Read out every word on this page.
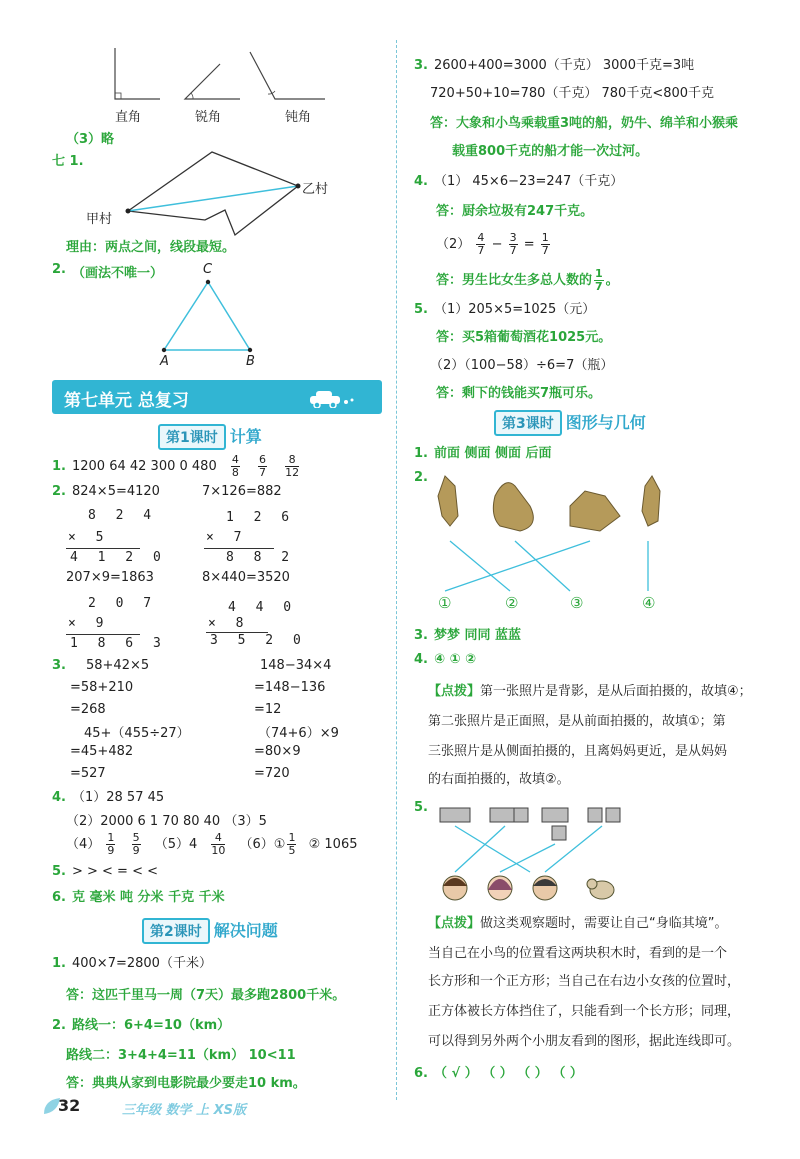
直角	锐角	钝角
（3）略
七 1.
甲村
乙村
理由：两点之间，线段最短。
2. （画法不唯一）	C
A	B
第七单元 总复习
第1课时 计算
1. 1200 64 42 300 0 $480 \frac{4}{8}$
$\frac{6}{7}$
$\frac{8}{12}$
2. 824×5=4120	7×126=882
8 2 4
× 5
4 1 2 0
1 2 6
× 7
8 8 2
207×9=1863	8×440=3520
2 0 7
× 9
1 8 6 3
4 4 0
× 8
3 5 2 0
3. 58+42×5
=58+210
=268
148−34×4
=148−136
=12
45+（455÷27）
=45+482
=527
（74+6）×9
=80×9
=720
4. （1）28 57 45
（2）2000 6 1 70 80 40 （3）5
$(4) \frac{1}{9}$
$\frac{5}{9} (5)4 \frac{4}{10}$ （6）① $\frac{1}{5}$ ② 1065
5. > > < = < <
6. 克 毫米 吨 分米 千克 千米
第2课时 解决问题
1. 400×7=2800（千米）
答：这匹千里马一周（7天）最多跑2800千米。
2. 路线一：6+4=10（km）
路线二：3+4+4=11（km） 10<11
答：典典从家到电影院最少要走10 km。
32	三年级 数学 上 XS版
3. 2600+400=3000（千克） 3000千克=3吨
720+50+10=780（千克） 780千克<800千克
答：大象和小鸟乘载重3吨的船，奶牛、绵羊和小猴乘
载重800千克的船才能一次过河。
4. （1） 45×6−23=247（千克）
答：厨余垃圾有247千克。
$(2) \frac{4}{7} - \frac{3}{7} = \frac{1}{7}$
答：男生比女生多总人数的 $\frac{1}{7}$ 。
5. （1）205×5=1025（元）
答：买5箱葡萄酒花1025元。
（2）（100−58）÷6=7（瓶）
答：剩下的钱能买7瓶可乐。
第3课时 图形与几何
1. 前面 侧面 侧面 后面
2.
①	②	③	④
3. 梦梦 同同 蓝蓝
4. ④ ① ②
【点拨】第一张照片是背影，是从后面拍摄的，故填④；
第二张照片是正面照，是从前面拍摄的，故填①；第
三张照片是从侧面拍摄的，且离妈妈更近，是从妈妈
的右面拍摄的，故填②。
5.
【点拨】做这类观察题时，需要让自己“身临其境”。
当自己在小鸟的位置看这两块积木时，看到的是一个
长方形和一个正方形；当自己在右边小女孩的位置时，
正方体被长方体挡住了，只能看到一个长方形；同理，
可以得到另外两个小朋友看到的图形，据此连线即可。
6. （ √ ） （ ） （ ） （ ）
